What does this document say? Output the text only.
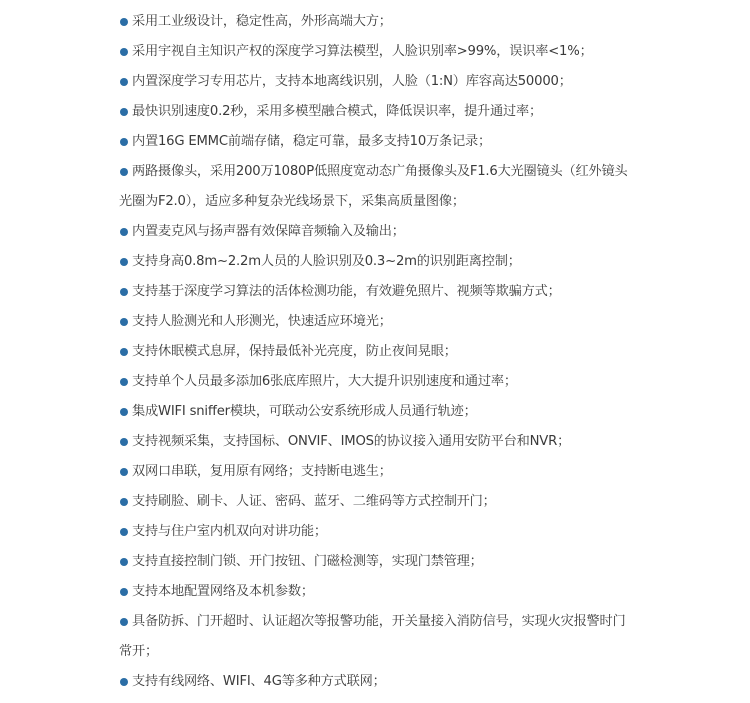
采用工业级设计，稳定性高，外形高端大方；
采用宇视自主知识产权的深度学习算法模型，人脸识别率>99%，误识率<1%；
内置深度学习专用芯片，支持本地离线识别，人脸（1:N）库容高达50000；
最快识别速度0.2秒，采用多模型融合模式，降低误识率，提升通过率；
内置16G EMMC前端存储，稳定可靠，最多支持10万条记录；
两路摄像头，采用200万1080P低照度宽动态广角摄像头及F1.6大光圈镜头（红外镜头光圈为F2.0），适应多种复杂光线场景下，采集高质量图像；
内置麦克风与扬声器有效保障音频输入及输出；
支持身高0.8m~2.2m人员的人脸识别及0.3~2m的识别距离控制；
支持基于深度学习算法的活体检测功能，有效避免照片、视频等欺骗方式；
支持人脸测光和人形测光，快速适应环境光；
支持休眠模式息屏，保持最低补光亮度，防止夜间晃眼；
支持单个人员最多添加6张底库照片，大大提升识别速度和通过率；
集成WIFI sniffer模块，可联动公安系统形成人员通行轨迹；
支持视频采集，支持国标、ONVIF、IMOS的协议接入通用安防平台和NVR；
双网口串联，复用原有网络；支持断电逃生；
支持刷脸、刷卡、人证、密码、蓝牙、二维码等方式控制开门；
支持与住户室内机双向对讲功能；
支持直接控制门锁、开门按钮、门磁检测等，实现门禁管理；
支持本地配置网络及本机参数；
具备防拆、门开超时、认证超次等报警功能，开关量接入消防信号，实现火灾报警时门常开；
支持有线网络、WIFI、4G等多种方式联网；
